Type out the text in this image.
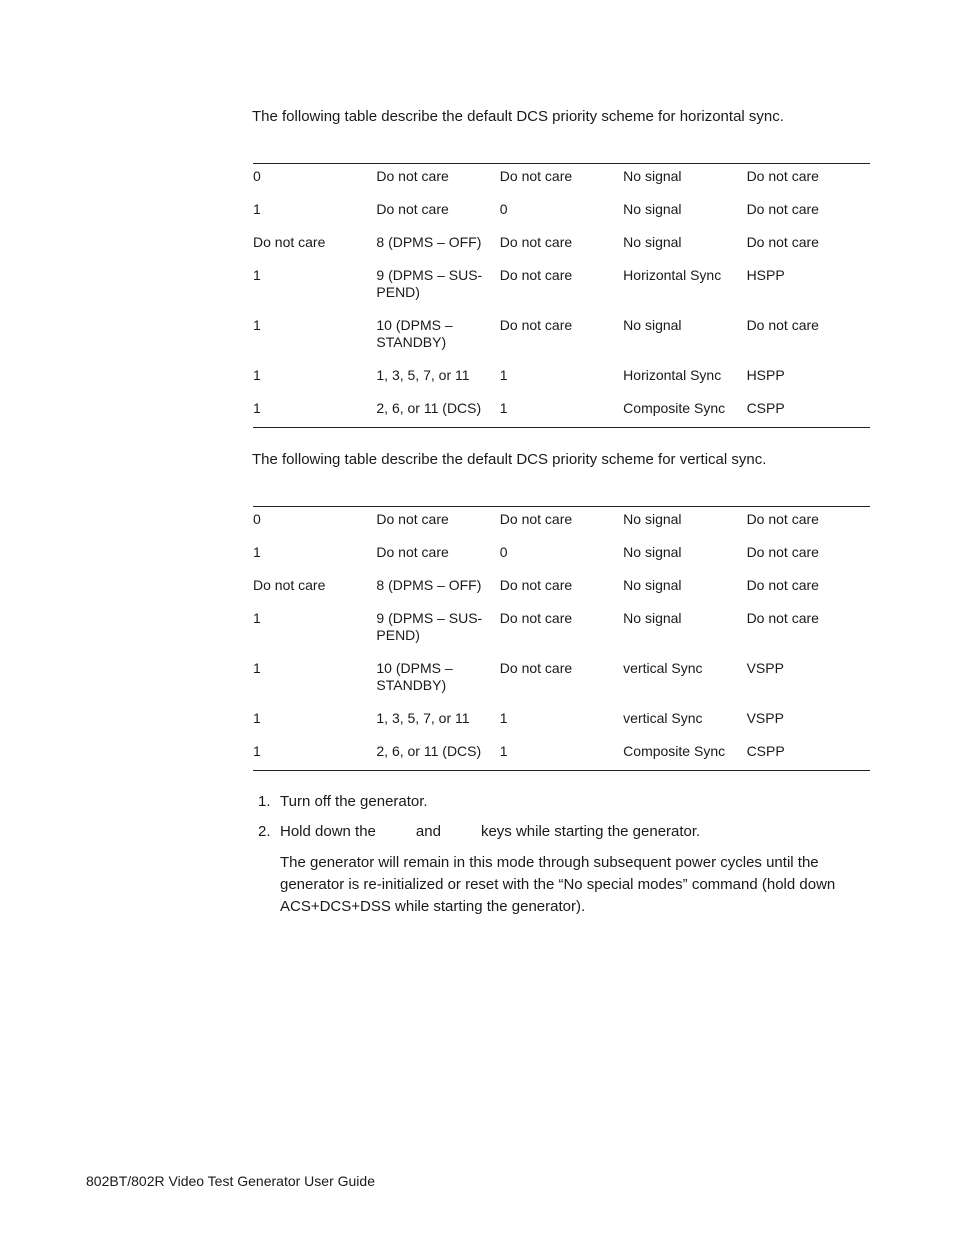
The following table describe the default DCS priority scheme for horizontal sync.

0	Do not care	Do not care	No signal	Do not care
1	Do not care	0	No signal	Do not care
Do not care	8 (DPMS – OFF)	Do not care	No signal	Do not care
1	9 (DPMS – SUS-
PEND)	Do not care	Horizontal Sync	HSPP
1	10 (DPMS –
STANDBY)	Do not care	No signal	Do not care
1	1, 3, 5, 7, or 11	1	Horizontal Sync	HSPP
1	2, 6, or 11 (DCS)	1	Composite Sync	CSPP

The following table describe the default DCS priority scheme for vertical sync.

0	Do not care	Do not care	No signal	Do not care
1	Do not care	0	No signal	Do not care
Do not care	8 (DPMS – OFF)	Do not care	No signal	Do not care
1	9 (DPMS – SUS-
PEND)	Do not care	No signal	Do not care
1	10 (DPMS –
STANDBY)	Do not care	vertical Sync	VSPP
1	1, 3, 5, 7, or 11	1	vertical Sync	VSPP
1	2, 6, or 11 (DCS)	1	Composite Sync	CSPP
1. Turn off the generator.
2. Hold down the	and	keys while starting the generator.
The generator will remain in this mode through subsequent power cycles until the generator is re-initialized or reset with the “No special modes” command (hold down ACS+DCS+DSS while starting the generator).

802BT/802R Video Test Generator User Guide
